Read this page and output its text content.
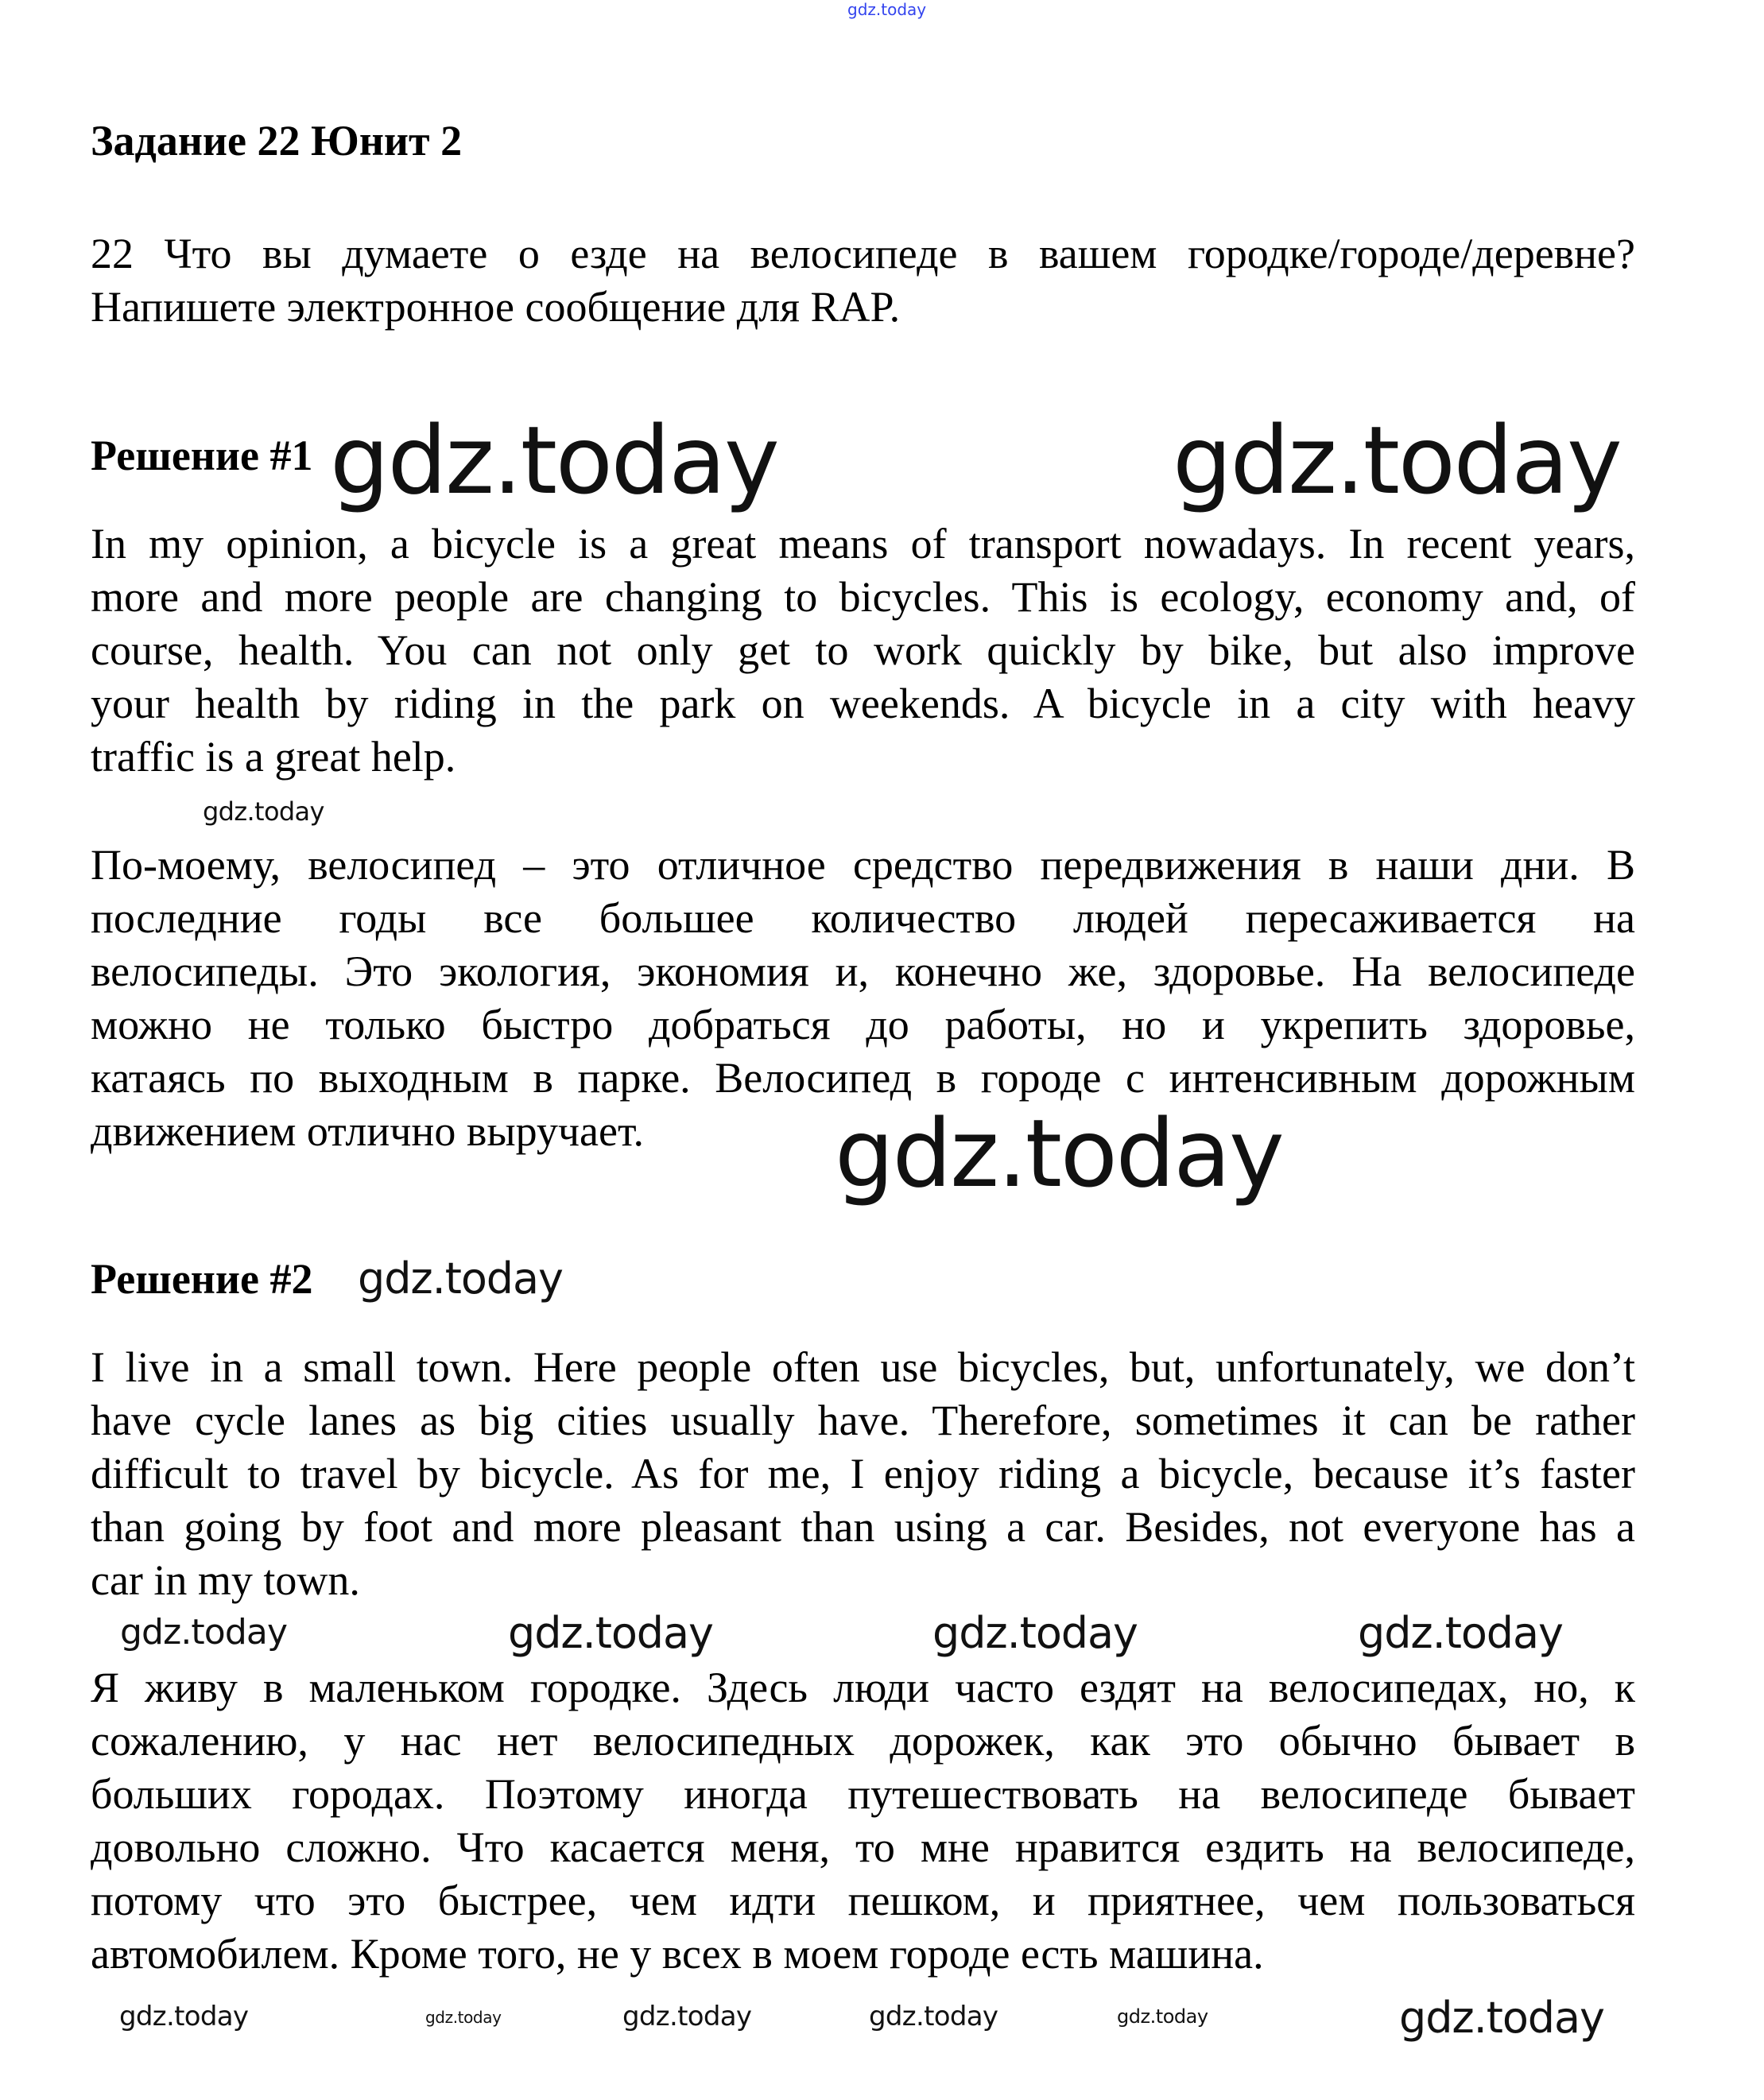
gdz.today
Задание 22 Юнит 2
22 Что вы думаете о езде на велосипеде в вашем городке/городе/деревне?
Напишете электронное сообщение для RAP.
Решение #1
In my opinion, a bicycle is a great means of transport nowadays. In recent years,
more and more people are changing to bicycles. This is ecology, economy and, of
course, health. You can not only get to work quickly by bike, but also improve
your health by riding in the park on weekends. A bicycle in a city with heavy
traffic is a great help.
По-моему, велосипед – это отличное средство передвижения в наши дни. В
последние годы все большее количество людей пересаживается на
велосипеды. Это экология, экономия и, конечно же, здоровье. На велосипеде
можно не только быстро добраться до работы, но и укрепить здоровье,
катаясь по выходным в парке. Велосипед в городе с интенсивным дорожным
движением отлично выручает.
Решение #2
I live in a small town. Here people often use bicycles, but, unfortunately, we don’t
have cycle lanes as big cities usually have. Therefore, sometimes it can be rather
difficult to travel by bicycle. As for me, I enjoy riding a bicycle, because it’s faster
than going by foot and more pleasant than using a car. Besides, not everyone has a
car in my town.
Я живу в маленьком городке. Здесь люди часто ездят на велосипедах, но, к
сожалению, у нас нет велосипедных дорожек, как это обычно бывает в
больших городах. Поэтому иногда путешествовать на велосипеде бывает
довольно сложно. Что касается меня, то мне нравится ездить на велосипеде,
потому что это быстрее, чем идти пешком, и приятнее, чем пользоваться
автомобилем. Кроме того, не у всех в моем городе есть машина.
gdz.today	gdz.today
gdz.today
gdz.today
gdz.today
gdz.today	gdz.today	gdz.today	gdz.today
gdz.today	gdz.today	gdz.today	gdz.today	gdz.today	gdz.today
